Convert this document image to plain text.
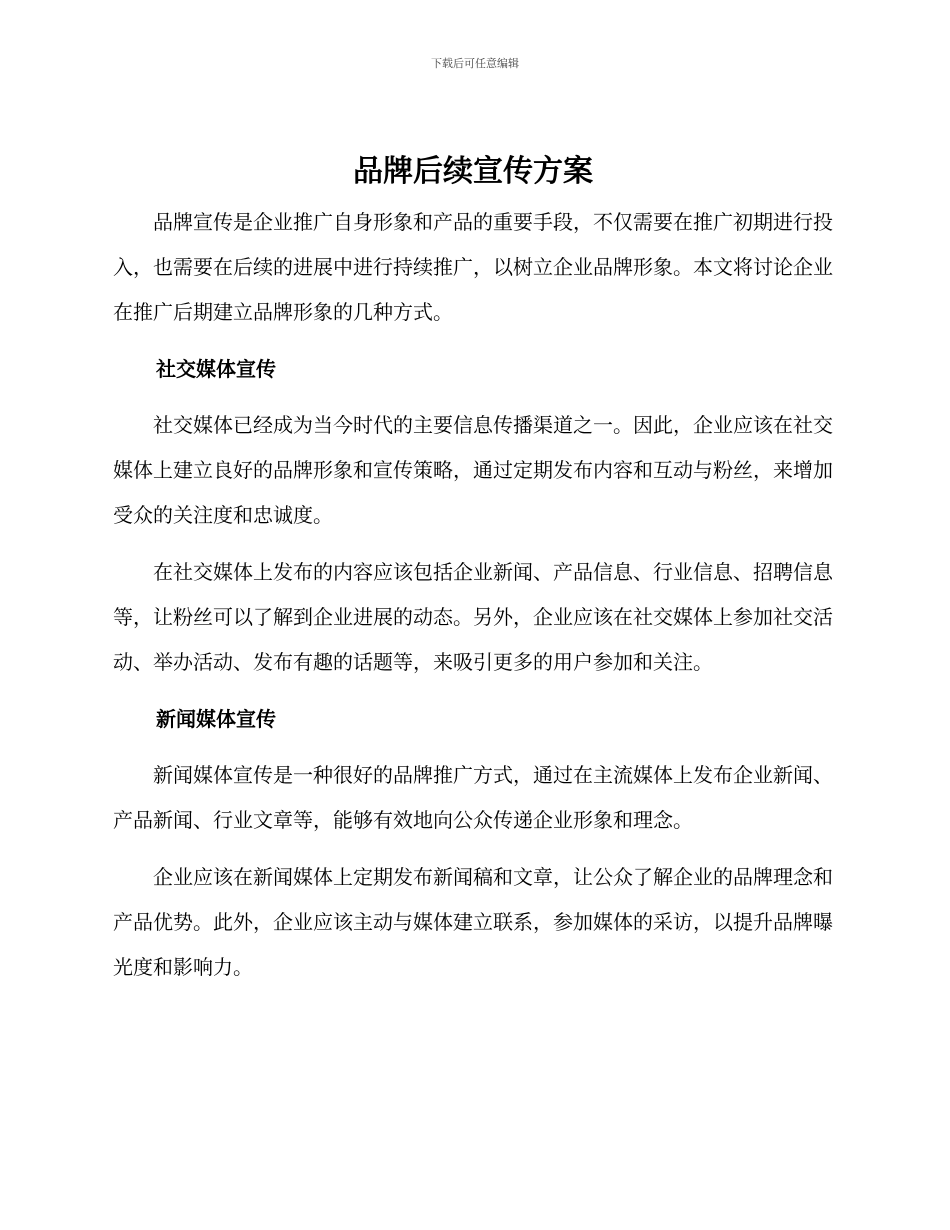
下载后可任意编辑
品牌后续宣传方案

品牌宣传是企业推广自身形象和产品的重要手段，不仅需要在推广初期进行投入，也需要在后续的进展中进行持续推广，以树立企业品牌形象。本文将讨论企业在推广后期建立品牌形象的几种方式。

社交媒体宣传

社交媒体已经成为当今时代的主要信息传播渠道之一。因此，企业应该在社交媒体上建立良好的品牌形象和宣传策略，通过定期发布内容和互动与粉丝，来增加受众的关注度和忠诚度。

在社交媒体上发布的内容应该包括企业新闻、产品信息、行业信息、招聘信息等，让粉丝可以了解到企业进展的动态。另外，企业应该在社交媒体上参加社交活动、举办活动、发布有趣的话题等，来吸引更多的用户参加和关注。

新闻媒体宣传

新闻媒体宣传是一种很好的品牌推广方式，通过在主流媒体上发布企业新闻、产品新闻、行业文章等，能够有效地向公众传递企业形象和理念。

企业应该在新闻媒体上定期发布新闻稿和文章，让公众了解企业的品牌理念和产品优势。此外，企业应该主动与媒体建立联系，参加媒体的采访，以提升品牌曝光度和影响力。
